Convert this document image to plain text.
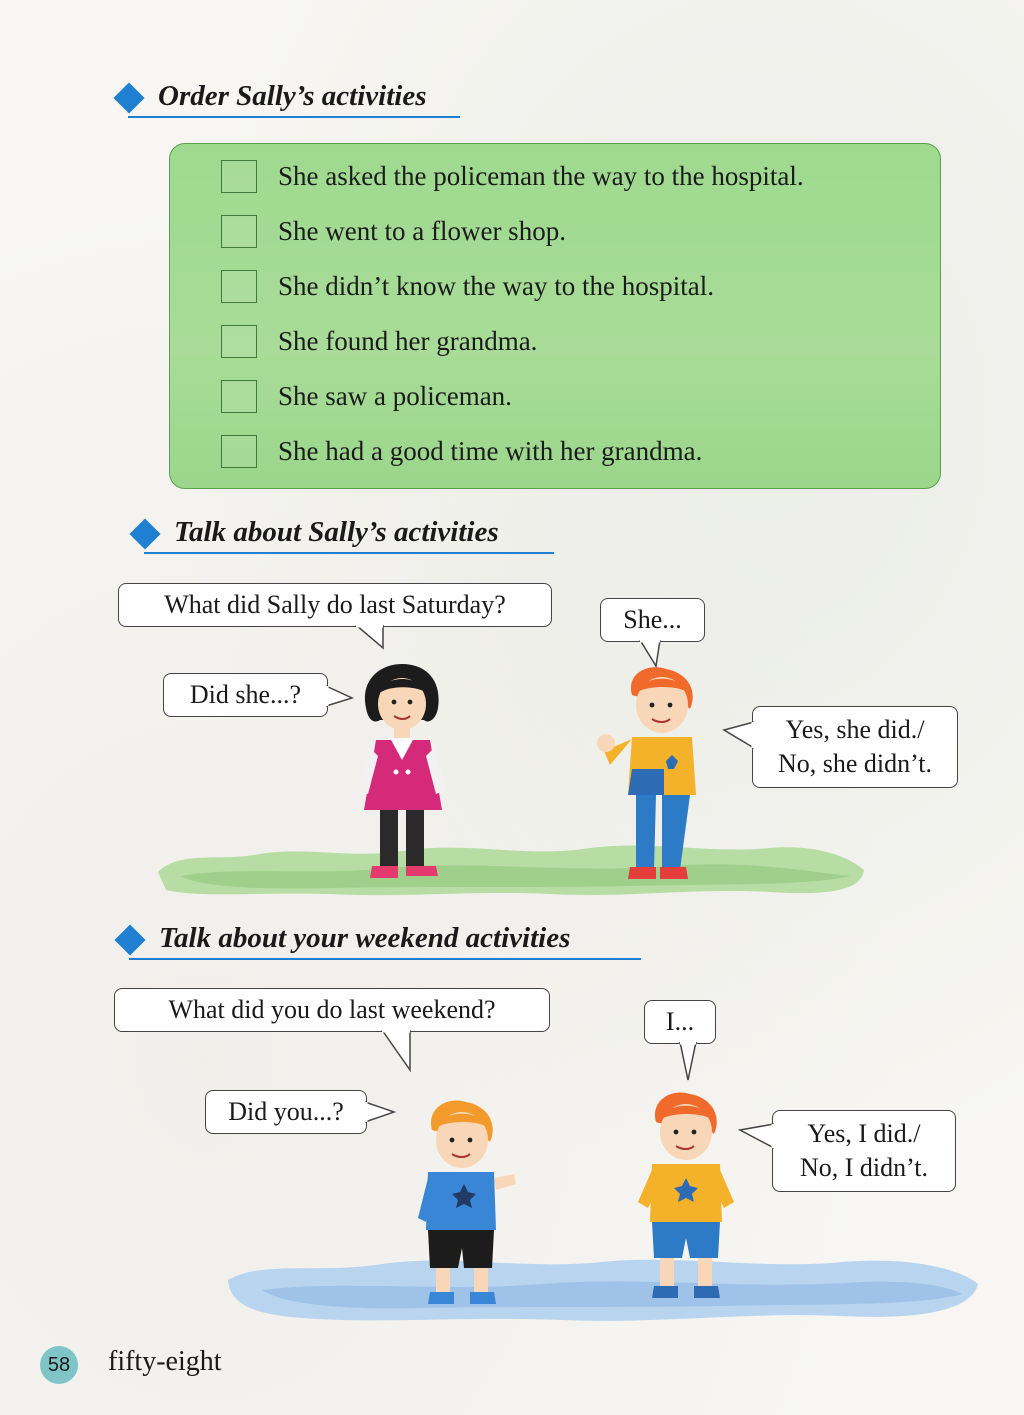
Order Sally’s activities
She asked the policeman the way to the hospital.
She went to a flower shop.
She didn’t know the way to the hospital.
She found her grandma.
She saw a policeman.
She had a good time with her grandma.
Talk about Sally’s activities
What did Sally do last Saturday?
She...
Did she...?
Yes, she did./
No, she didn’t.
Talk about your weekend activities
What did you do last weekend?	I...
Did you...?
Yes, I did./
No, I didn’t.
58 fifty-eight
